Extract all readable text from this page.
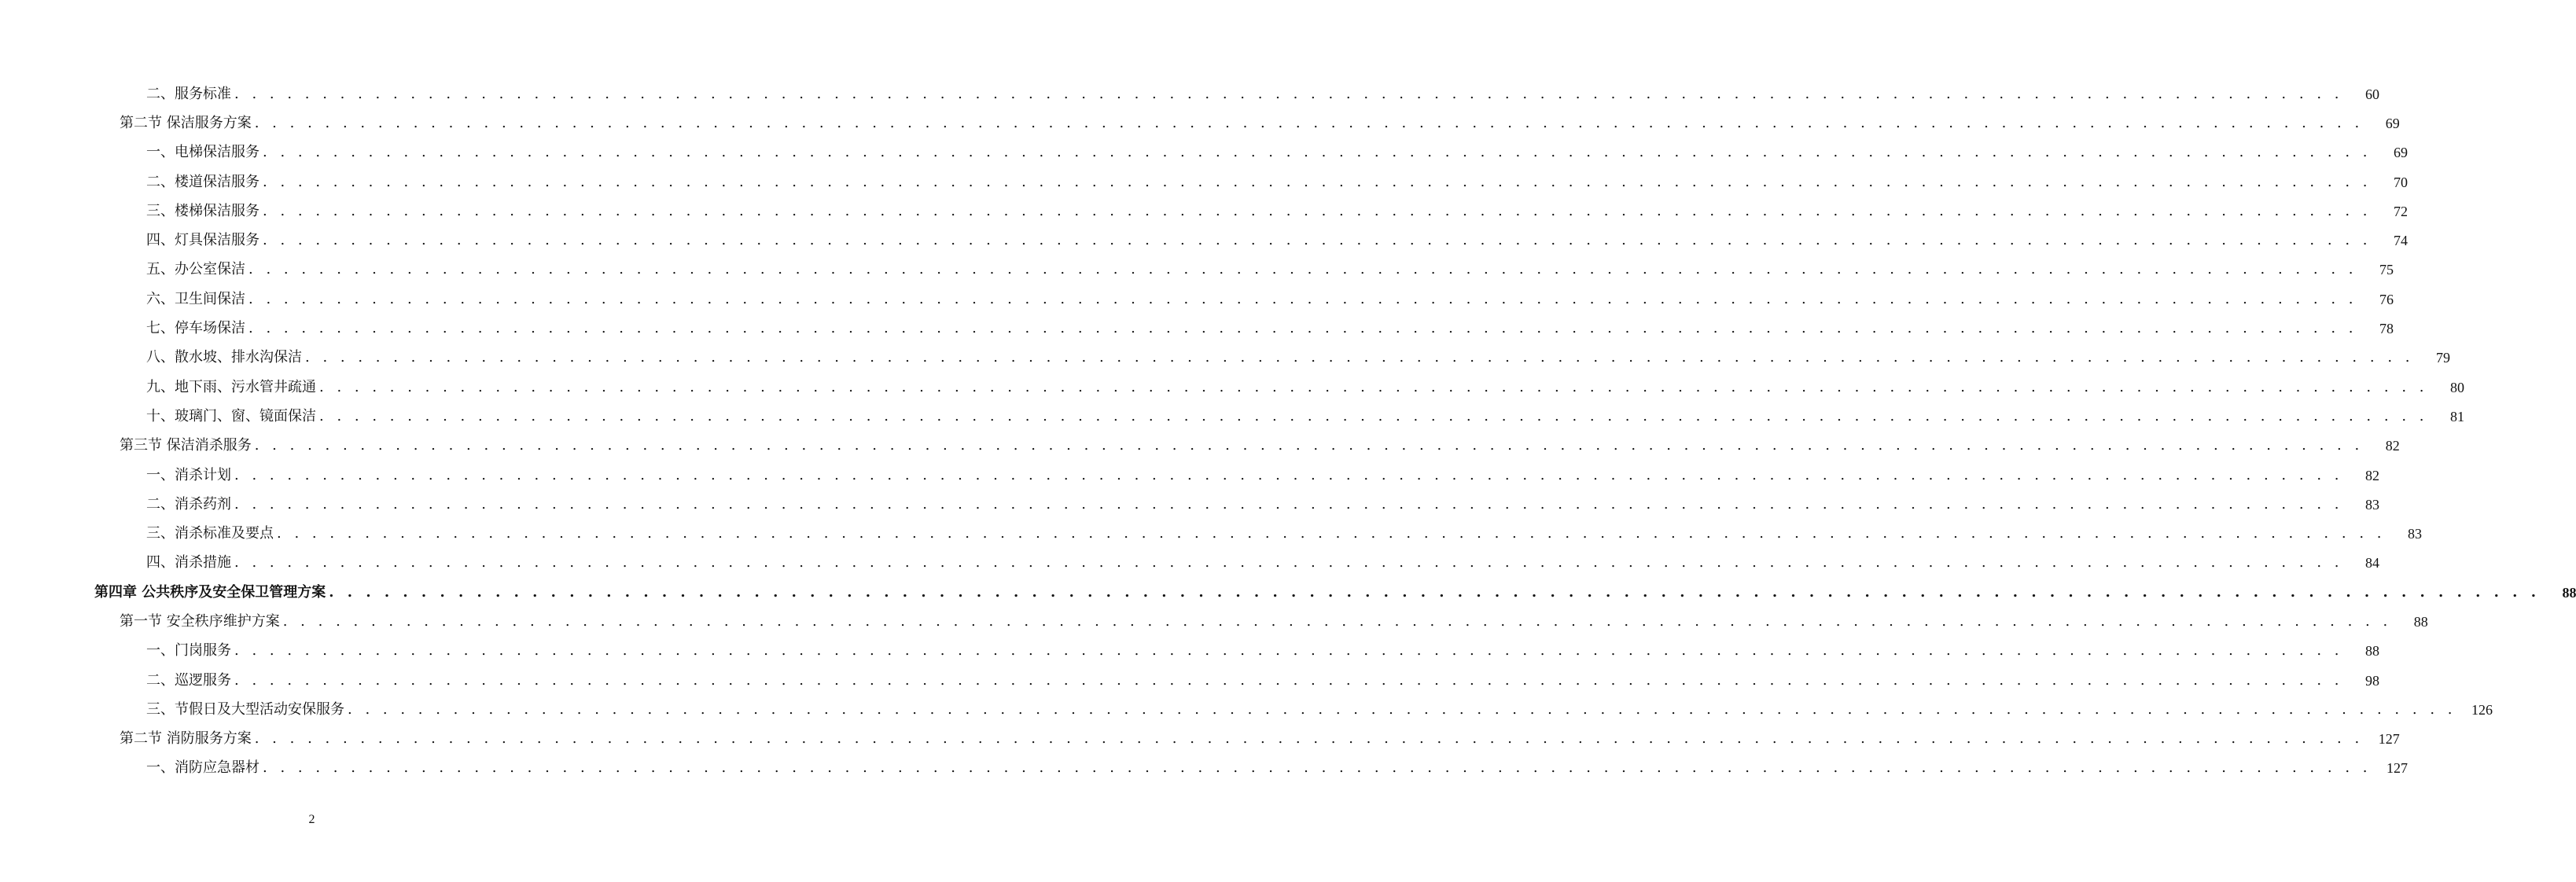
二、服务标准 . . . . . . . . . . . . . . . . . . . . . . . . . . . . . . . . . . . . . . . . . . . . . . . . . . . . . . . . . . . . . . . . . . . . . . . . . . . . . . . . . . . . . . . . . . . . . . . . . . . . . . . . . . . . . . . . . . . . . . . .	60
第二节 保洁服务方案 . . . . . . . . . . . . . . . . . . . . . . . . . . . . . . . . . . . . . . . . . . . . . . . . . . . . . . . . . . . . . . . . . . . . . . . . . . . . . . . . . . . . . . . . . . . . . . . . . . . . . . . . . . . . . . . . . . . . . . . .	69
一、电梯保洁服务 . . . . . . . . . . . . . . . . . . . . . . . . . . . . . . . . . . . . . . . . . . . . . . . . . . . . . . . . . . . . . . . . . . . . . . . . . . . . . . . . . . . . . . . . . . . . . . . . . . . . . . . . . . . . . . . . . . . . . . . .	69
二、楼道保洁服务 . . . . . . . . . . . . . . . . . . . . . . . . . . . . . . . . . . . . . . . . . . . . . . . . . . . . . . . . . . . . . . . . . . . . . . . . . . . . . . . . . . . . . . . . . . . . . . . . . . . . . . . . . . . . . . . . . . . . . . . .	70
三、楼梯保洁服务 . . . . . . . . . . . . . . . . . . . . . . . . . . . . . . . . . . . . . . . . . . . . . . . . . . . . . . . . . . . . . . . . . . . . . . . . . . . . . . . . . . . . . . . . . . . . . . . . . . . . . . . . . . . . . . . . . . . . . . . .	72
四、灯具保洁服务 . . . . . . . . . . . . . . . . . . . . . . . . . . . . . . . . . . . . . . . . . . . . . . . . . . . . . . . . . . . . . . . . . . . . . . . . . . . . . . . . . . . . . . . . . . . . . . . . . . . . . . . . . . . . . . . . . . . . . . . .	74
五、办公室保洁 . . . . . . . . . . . . . . . . . . . . . . . . . . . . . . . . . . . . . . . . . . . . . . . . . . . . . . . . . . . . . . . . . . . . . . . . . . . . . . . . . . . . . . . . . . . . . . . . . . . . . . . . . . . . . . . . . . . . . . . .	75
六、卫生间保洁 . . . . . . . . . . . . . . . . . . . . . . . . . . . . . . . . . . . . . . . . . . . . . . . . . . . . . . . . . . . . . . . . . . . . . . . . . . . . . . . . . . . . . . . . . . . . . . . . . . . . . . . . . . . . . . . . . . . . . . . .	76
七、停车场保洁 . . . . . . . . . . . . . . . . . . . . . . . . . . . . . . . . . . . . . . . . . . . . . . . . . . . . . . . . . . . . . . . . . . . . . . . . . . . . . . . . . . . . . . . . . . . . . . . . . . . . . . . . . . . . . . . . . . . . . . . .	78
八、散水坡、排水沟保洁 . . . . . . . . . . . . . . . . . . . . . . . . . . . . . . . . . . . . . . . . . . . . . . . . . . . . . . . . . . . . . . . . . . . . . . . . . . . . . . . . . . . . . . . . . . . . . . . . . . . . . . . . . . . . . . . . . . . . . . . .	79
九、地下雨、污水管井疏通 . . . . . . . . . . . . . . . . . . . . . . . . . . . . . . . . . . . . . . . . . . . . . . . . . . . . . . . . . . . . . . . . . . . . . . . . . . . . . . . . . . . . . . . . . . . . . . . . . . . . . . . . . . . . . . . . . . . . . . . .	80
十、玻璃门、窗、镜面保洁 . . . . . . . . . . . . . . . . . . . . . . . . . . . . . . . . . . . . . . . . . . . . . . . . . . . . . . . . . . . . . . . . . . . . . . . . . . . . . . . . . . . . . . . . . . . . . . . . . . . . . . . . . . . . . . . . . . . . . . . .	81
第三节 保洁消杀服务 . . . . . . . . . . . . . . . . . . . . . . . . . . . . . . . . . . . . . . . . . . . . . . . . . . . . . . . . . . . . . . . . . . . . . . . . . . . . . . . . . . . . . . . . . . . . . . . . . . . . . . . . . . . . . . . . . . . . . . . .	82
一、消杀计划 . . . . . . . . . . . . . . . . . . . . . . . . . . . . . . . . . . . . . . . . . . . . . . . . . . . . . . . . . . . . . . . . . . . . . . . . . . . . . . . . . . . . . . . . . . . . . . . . . . . . . . . . . . . . . . . . . . . . . . . .	82
二、消杀药剂 . . . . . . . . . . . . . . . . . . . . . . . . . . . . . . . . . . . . . . . . . . . . . . . . . . . . . . . . . . . . . . . . . . . . . . . . . . . . . . . . . . . . . . . . . . . . . . . . . . . . . . . . . . . . . . . . . . . . . . . .	83
三、消杀标准及要点 . . . . . . . . . . . . . . . . . . . . . . . . . . . . . . . . . . . . . . . . . . . . . . . . . . . . . . . . . . . . . . . . . . . . . . . . . . . . . . . . . . . . . . . . . . . . . . . . . . . . . . . . . . . . . . . . . . . . . . . .	83
四、消杀措施 . . . . . . . . . . . . . . . . . . . . . . . . . . . . . . . . . . . . . . . . . . . . . . . . . . . . . . . . . . . . . . . . . . . . . . . . . . . . . . . . . . . . . . . . . . . . . . . . . . . . . . . . . . . . . . . . . . . . . . . .	84
第四章 公共秩序及安全保卫管理方案 . . . . . . . . . . . . . . . . . . . . . . . . . . . . . . . . . . . . . . . . . . . . . . . . . . . . . . . . . . . . . . . . . . . . . . . . . . . . . . . . . . . . . . . . . . . . . . . . . . . . . . . . . . . . . . . . . . . . . . . .	88
第一节 安全秩序维护方案 . . . . . . . . . . . . . . . . . . . . . . . . . . . . . . . . . . . . . . . . . . . . . . . . . . . . . . . . . . . . . . . . . . . . . . . . . . . . . . . . . . . . . . . . . . . . . . . . . . . . . . . . . . . . . . . . . . . . . . . .	88
一、门岗服务 . . . . . . . . . . . . . . . . . . . . . . . . . . . . . . . . . . . . . . . . . . . . . . . . . . . . . . . . . . . . . . . . . . . . . . . . . . . . . . . . . . . . . . . . . . . . . . . . . . . . . . . . . . . . . . . . . . . . . . . .	88
二、巡逻服务 . . . . . . . . . . . . . . . . . . . . . . . . . . . . . . . . . . . . . . . . . . . . . . . . . . . . . . . . . . . . . . . . . . . . . . . . . . . . . . . . . . . . . . . . . . . . . . . . . . . . . . . . . . . . . . . . . . . . . . . .	98
三、节假日及大型活动安保服务 . . . . . . . . . . . . . . . . . . . . . . . . . . . . . . . . . . . . . . . . . . . . . . . . . . . . . . . . . . . . . . . . . . . . . . . . . . . . . . . . . . . . . . . . . . . . . . . . . . . . . . . . . . . . . . . . . . . . . . . .	126
第二节 消防服务方案 . . . . . . . . . . . . . . . . . . . . . . . . . . . . . . . . . . . . . . . . . . . . . . . . . . . . . . . . . . . . . . . . . . . . . . . . . . . . . . . . . . . . . . . . . . . . . . . . . . . . . . . . . . . . . . . . . . . . . . . .	127
一、消防应急器材 . . . . . . . . . . . . . . . . . . . . . . . . . . . . . . . . . . . . . . . . . . . . . . . . . . . . . . . . . . . . . . . . . . . . . . . . . . . . . . . . . . . . . . . . . . . . . . . . . . . . . . . . . . . . . . . . . . . . . . . .	127
2
